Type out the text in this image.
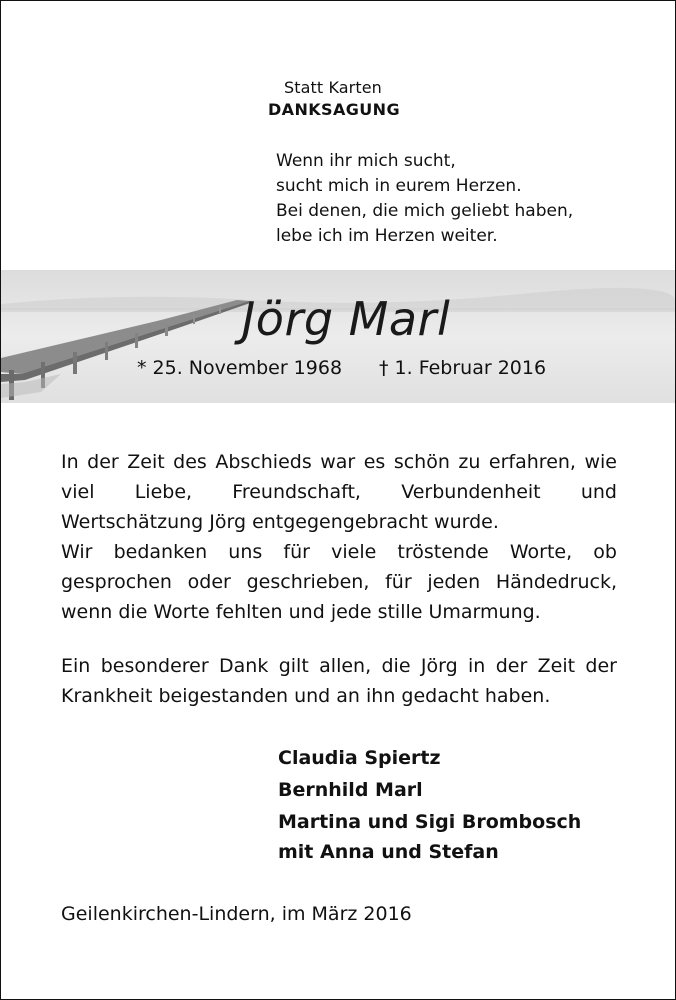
Statt Karten
DANKSAGUNG
Wenn ihr mich sucht,
sucht mich in eurem Herzen.
Bei denen, die mich geliebt haben,
lebe ich im Herzen weiter.
Jörg Marl
* 25. November 1968 † 1. Februar 2016
In der Zeit des Abschieds war es schön zu erfahren, wie viel Liebe, Freundschaft, Verbundenheit und Wertschätzung Jörg entgegengebracht wurde.
Wir bedanken uns für viele tröstende Worte, ob gesprochen oder geschrieben, für jeden Händedruck, wenn die Worte fehlten und jede stille Umarmung.
Ein besonderer Dank gilt allen, die Jörg in der Zeit der Krankheit beigestanden und an ihn gedacht haben.
Claudia Spiertz
Bernhild Marl
Martina und Sigi Brombosch
mit Anna und Stefan
Geilenkirchen-Lindern, im März 2016
